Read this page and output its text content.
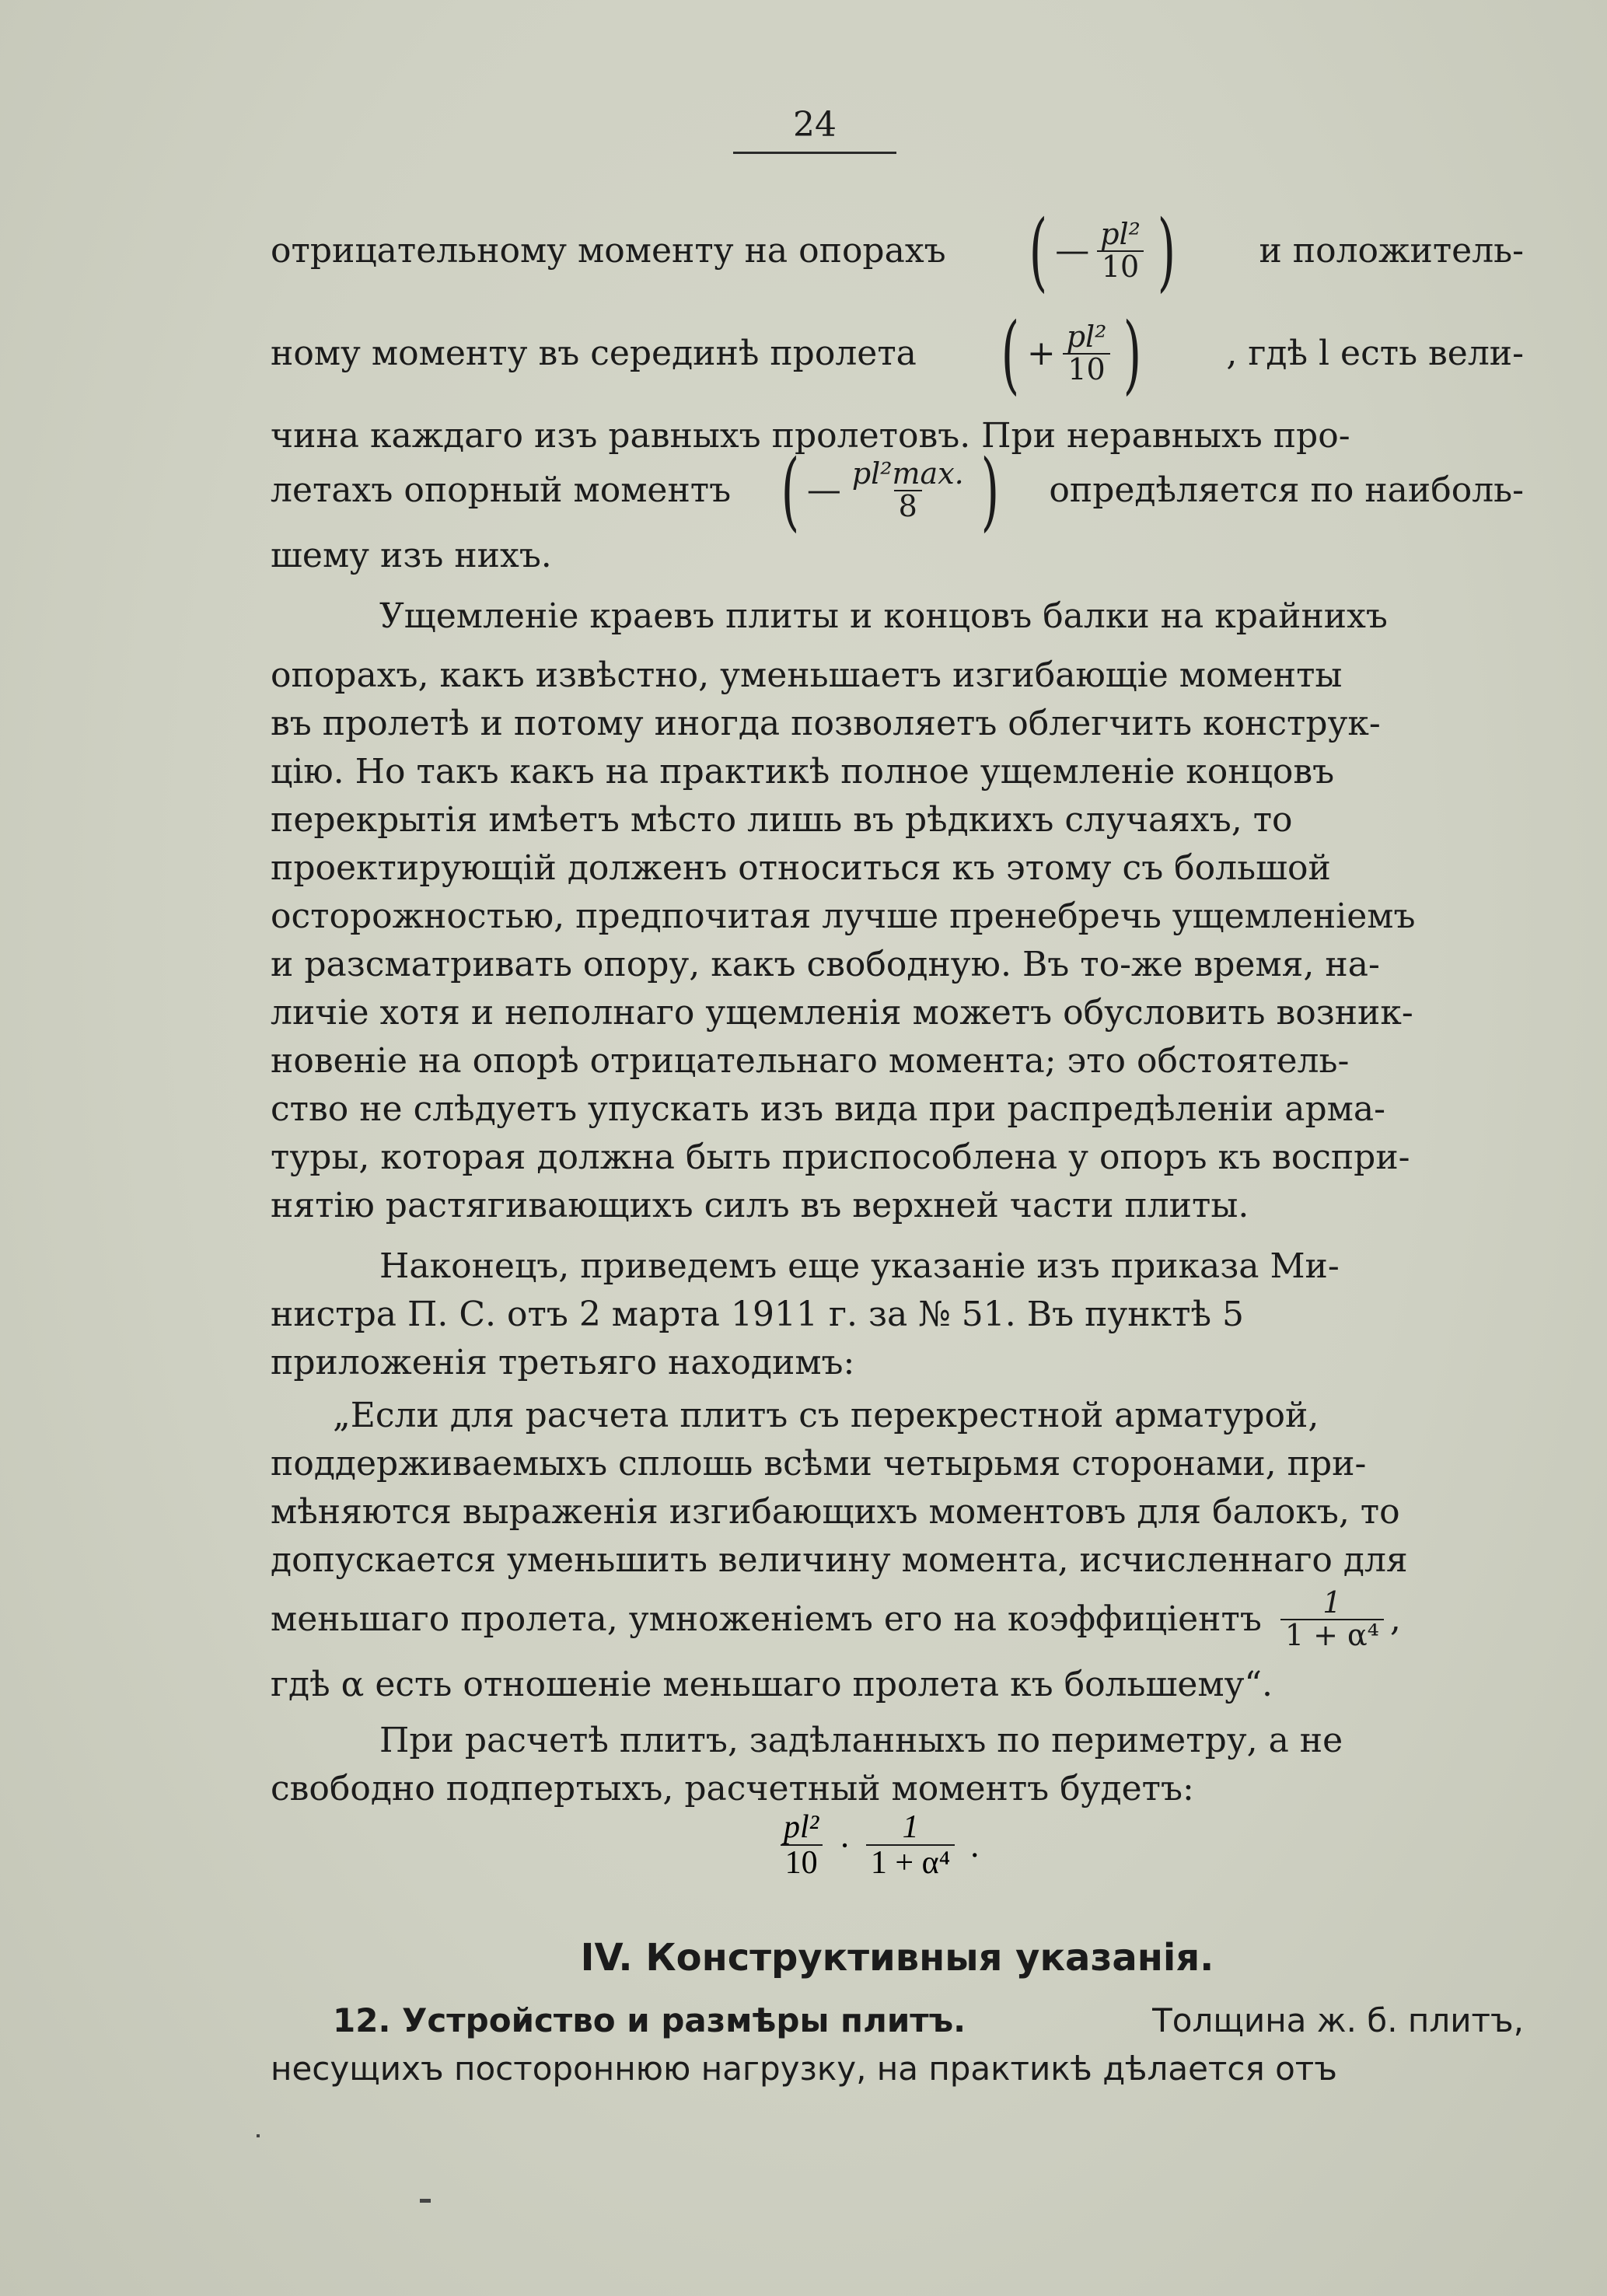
24
отрицательному моменту на опорахъ ( — $\frac{\text{pl²}}{10}$ ) и положитель-
ному моменту въ серединѣ пролета ( + $\frac{\text{pl²}}{10}$ ) , гдѣ l есть вели-
чина каждаго изъ равныхъ пролетовъ. При неравныхъ про-
летахъ опорный моментъ ( — $\frac{\text{pl²max.}}{8}$ ) опредѣляется по наиболь-
шему изъ нихъ.
Ущемленіе краевъ плиты и концовъ балки на крайнихъ
опорахъ, какъ извѣстно, уменьшаетъ изгибающіе моменты
въ пролетѣ и потому иногда позволяетъ облегчить конструк-
цію. Но такъ какъ на практикѣ полное ущемленіе концовъ
перекрытія имѣетъ мѣсто лишь въ рѣдкихъ случаяхъ, то
проектирующій долженъ относиться къ этому съ большой
осторожностью, предпочитая лучше пренебречь ущемленіемъ
и разсматривать опору, какъ свободную. Въ то-же время, на-
личіе хотя и неполнаго ущемленія можетъ обусловить возник-
новеніе на опорѣ отрицательнаго момента; это обстоятель-
ство не слѣдуетъ упускать изъ вида при распредѣленіи арма-
туры, которая должна быть приспособлена у опоръ къ воспри-
нятію растягивающихъ силъ въ верхней части плиты.
Наконецъ, приведемъ еще указаніе изъ приказа Ми-
нистра П. С. отъ 2 марта 1911 г. за № 51. Въ пунктѣ 5
приложенія третьяго находимъ:
„Если для расчета плитъ съ перекрестной арматурой,
поддерживаемыхъ сплошь всѣми четырьмя сторонами, при-
мѣняются выраженія изгибающихъ моментовъ для балокъ, то
допускается уменьшить величину момента, исчисленнаго для
меньшаго пролета, умноженіемъ его на коэффиціентъ $\frac{1}{\text{1 + α⁴}}$ ,
гдѣ α есть отношеніе меньшаго пролета къ большему“.
При расчетѣ плитъ, задѣланныхъ по периметру, а не
свободно подпертыхъ, расчетный моментъ будетъ:
IV. Конструктивныя указанія.
12. Устройство и размѣры плитъ.	Толщина ж. б. плитъ,
несущихъ постороннюю нагрузку, на практикѣ дѣлается отъ
$\frac{\text{pl²}}{10} \cdot \frac{1}{\text{1 + α⁴}}$ .
